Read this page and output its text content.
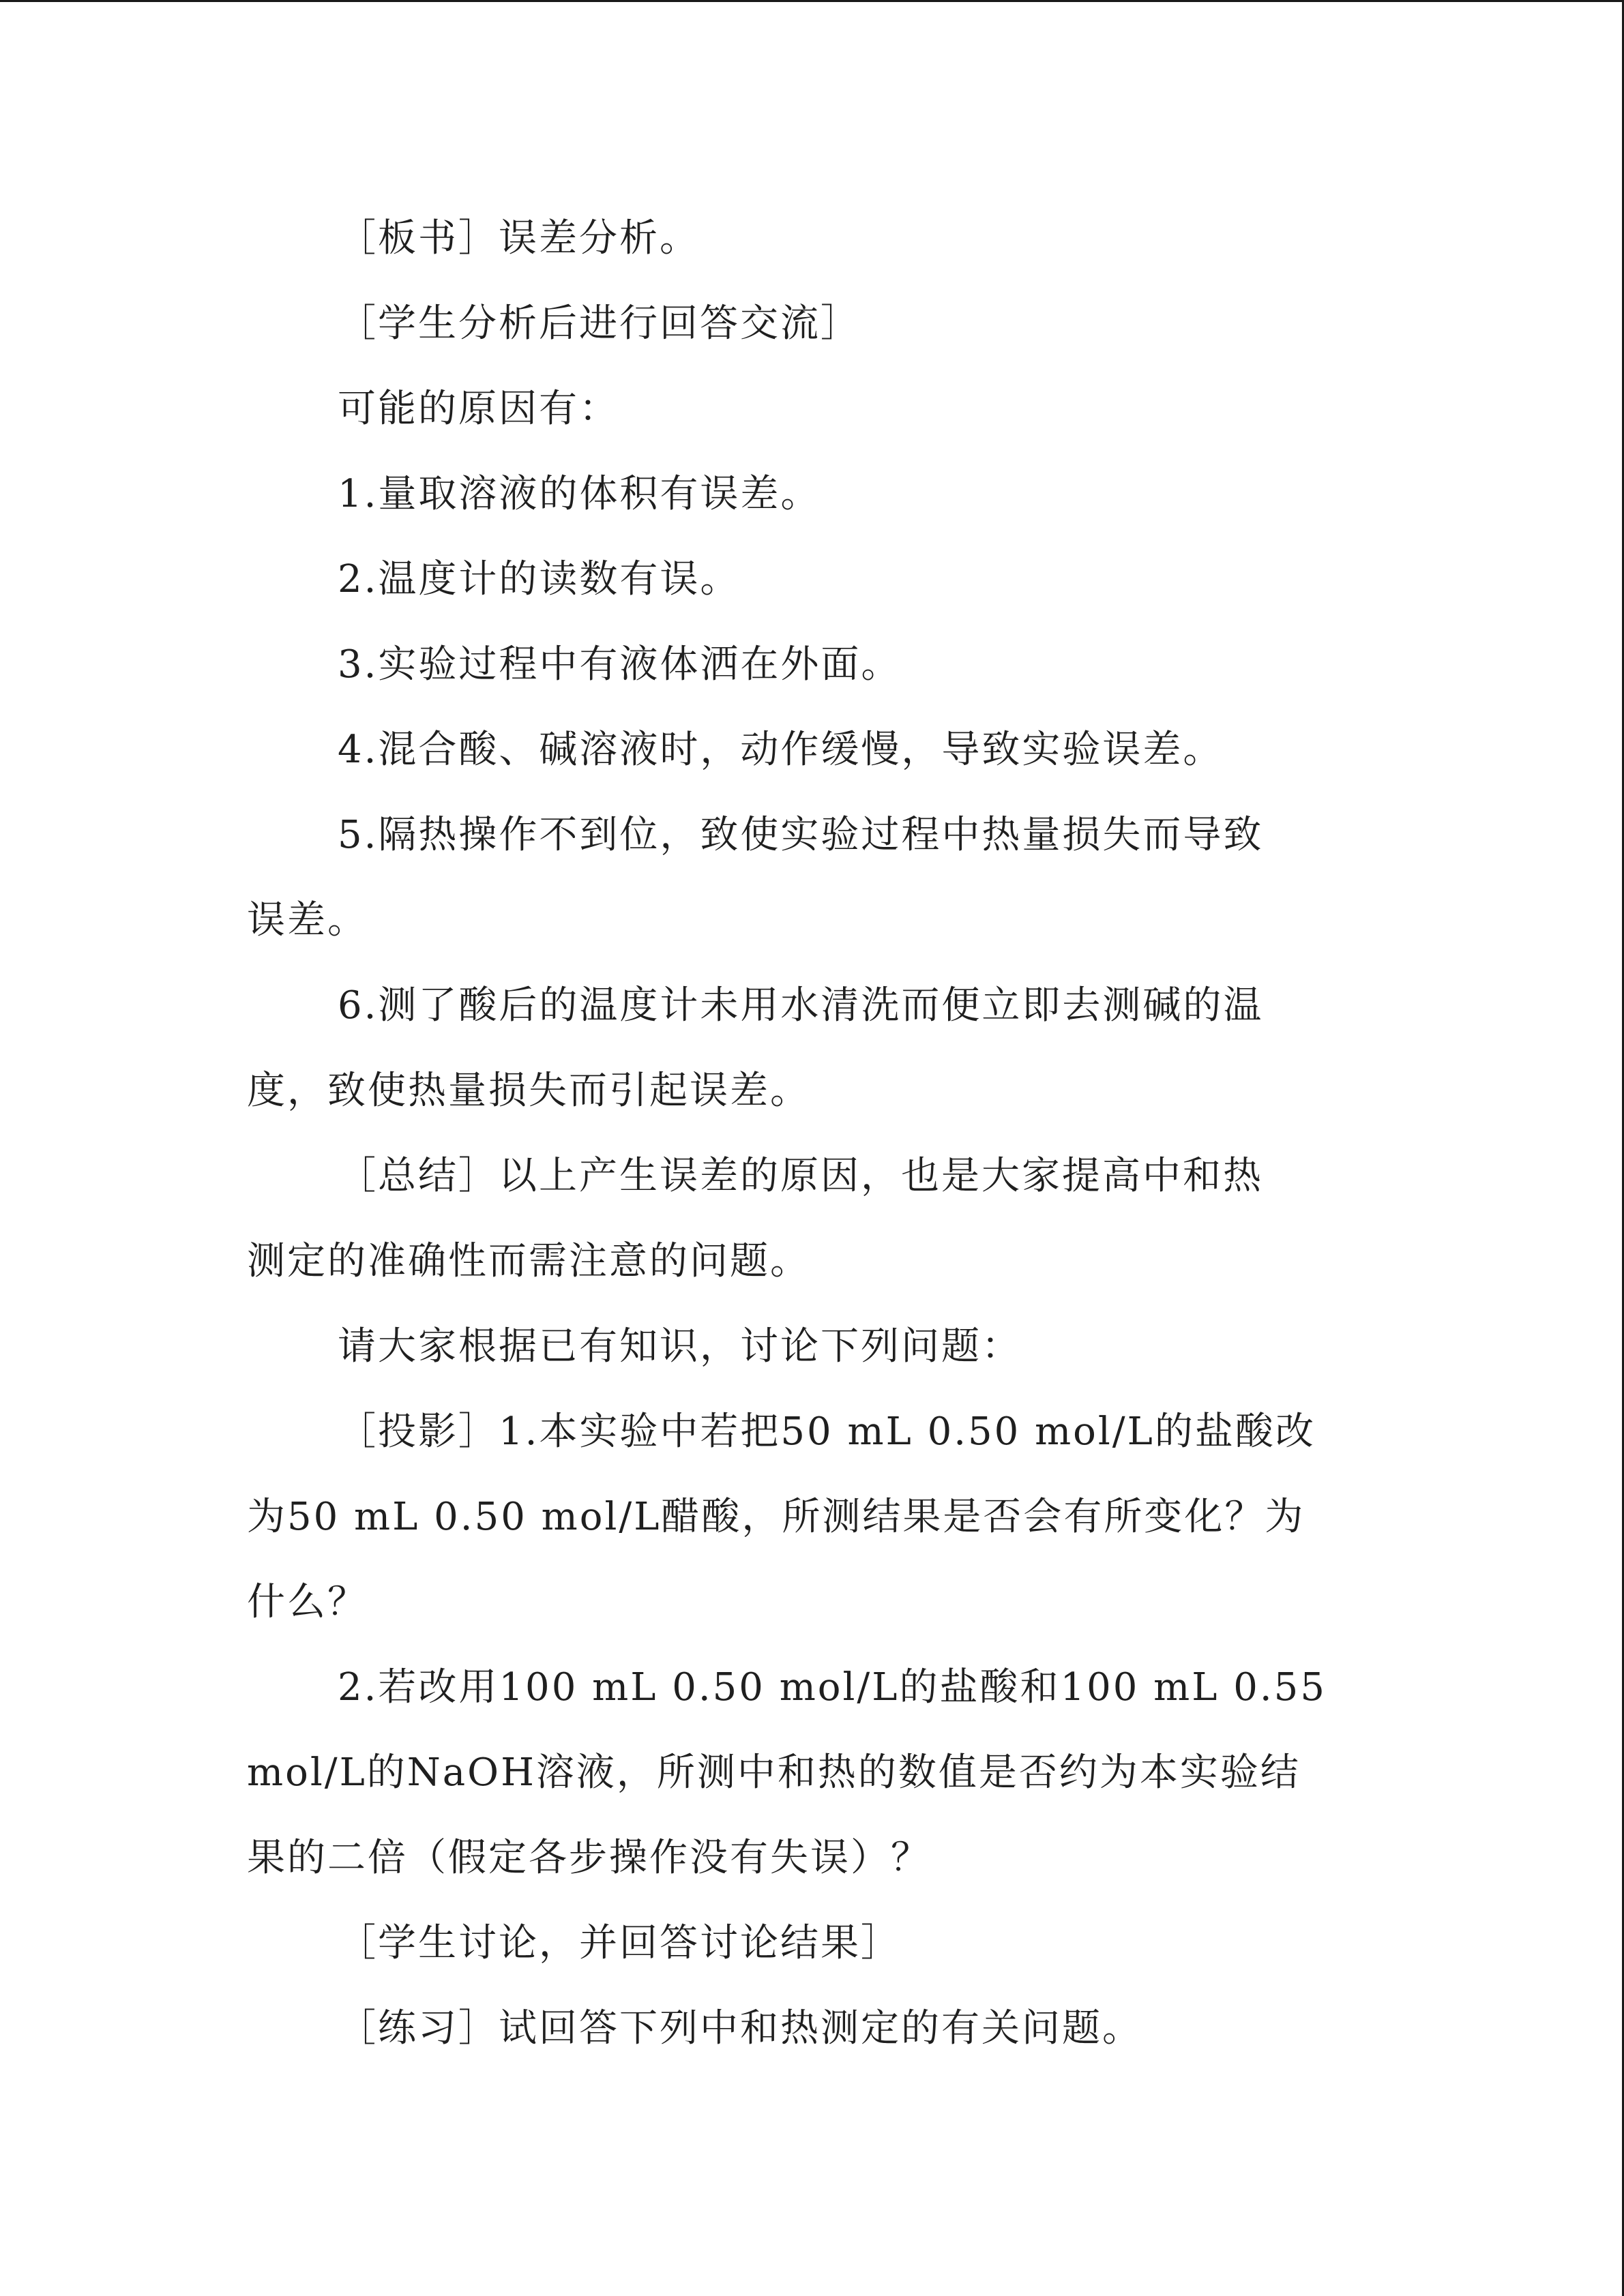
［板书］误差分析。
［学生分析后进行回答交流］
可能的原因有：
1.量取溶液的体积有误差。
2.温度计的读数有误。
3.实验过程中有液体洒在外面。
4.混合酸、碱溶液时，动作缓慢，导致实验误差。
5.隔热操作不到位，致使实验过程中热量损失而导致
误差。
6.测了酸后的温度计未用水清洗而便立即去测碱的温
度，致使热量损失而引起误差。
［总结］以上产生误差的原因，也是大家提高中和热
测定的准确性而需注意的问题。
请大家根据已有知识，讨论下列问题：
［投影］1.本实验中若把50 mL 0.50 mol/L的盐酸改
为50 mL 0.50 mol/L醋酸，所测结果是否会有所变化？为
什么？
2.若改用100 mL 0.50 mol/L的盐酸和100 mL 0.55
mol/L的NaOH溶液，所测中和热的数值是否约为本实验结
果的二倍（假定各步操作没有失误）？
［学生讨论，并回答讨论结果］
［练习］试回答下列中和热测定的有关问题。
